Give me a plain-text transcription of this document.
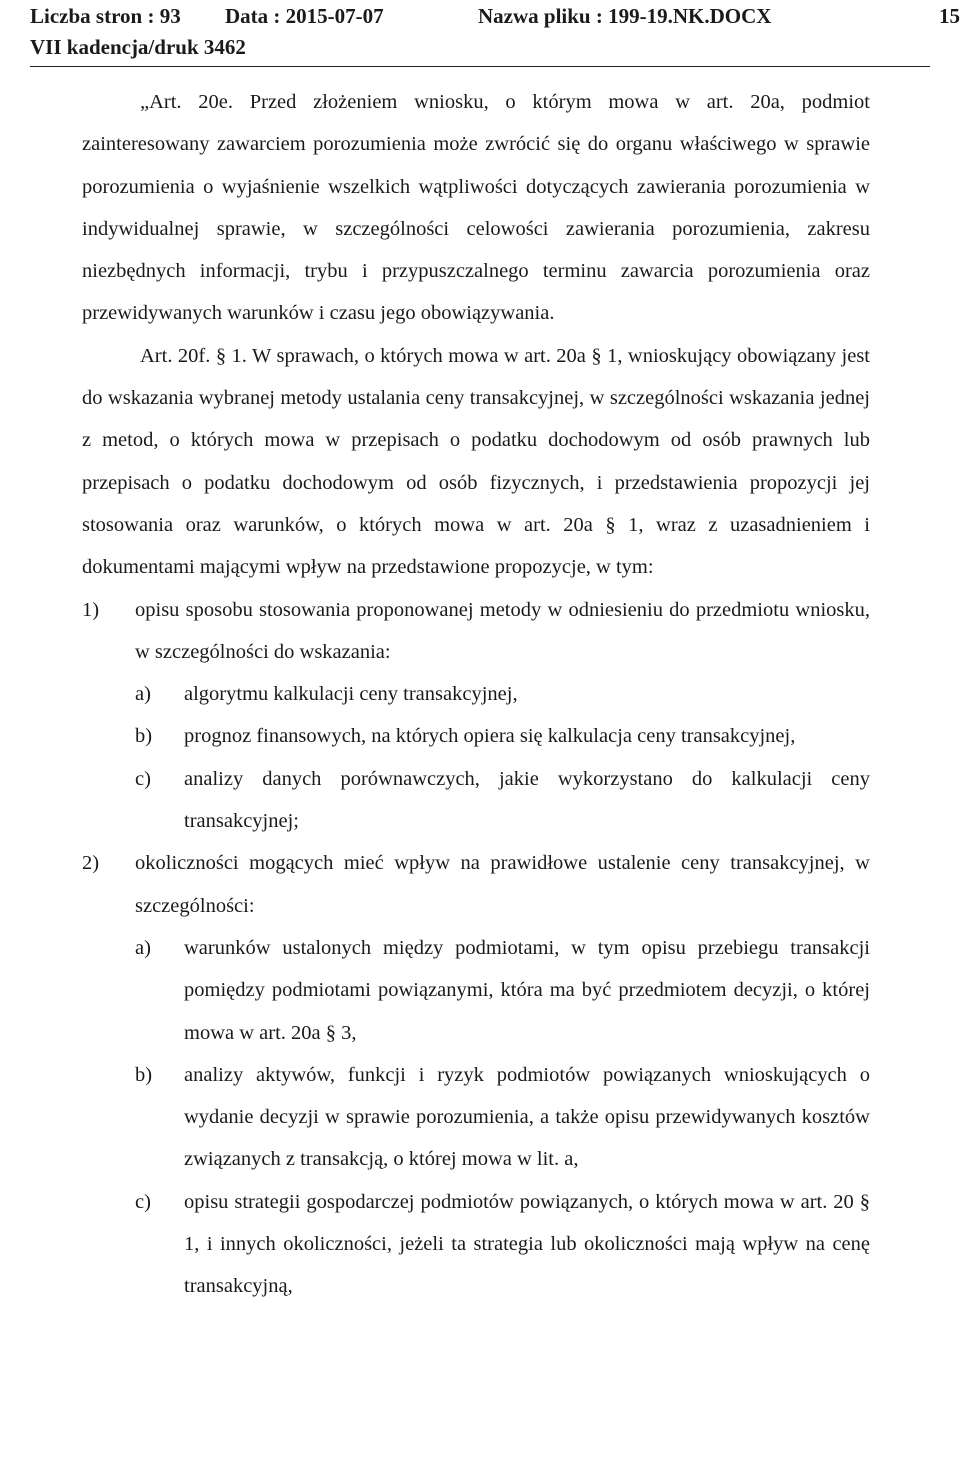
Liczba stron : 93	Data : 2015-07-07	Nazwa pliku : 199-19.NK.DOCX	15
VII kadencja/druk 3462

„Art. 20e. Przed złożeniem wniosku, o którym mowa w art. 20a, podmiot zainteresowany zawarciem porozumienia może zwrócić się do organu właściwego w sprawie porozumienia o wyjaśnienie wszelkich wątpliwości dotyczących zawierania porozumienia w indywidualnej sprawie, w szczególności celowości zawierania porozumienia, zakresu niezbędnych informacji, trybu i przypuszczalnego terminu zawarcia porozumienia oraz przewidywanych warunków i czasu jego obowiązywania.

Art. 20f. § 1. W sprawach, o których mowa w art. 20a § 1, wnioskujący obowiązany jest do wskazania wybranej metody ustalania ceny transakcyjnej, w szczególności wskazania jednej z metod, o których mowa w przepisach o podatku dochodowym od osób prawnych lub przepisach o podatku dochodowym od osób fizycznych, i przedstawienia propozycji jej stosowania oraz warunków, o których mowa w art. 20a § 1, wraz z uzasadnieniem i dokumentami mającymi wpływ na przedstawione propozycje, w tym:

1)	opisu sposobu stosowania proponowanej metody w odniesieniu do przedmiotu wniosku, w szczególności do wskazania:
a)	algorytmu kalkulacji ceny transakcyjnej,
b)	prognoz finansowych, na których opiera się kalkulacja ceny transakcyjnej,
c)	analizy danych porównawczych, jakie wykorzystano do kalkulacji ceny transakcyjnej;
2)	okoliczności mogących mieć wpływ na prawidłowe ustalenie ceny transakcyjnej, w szczególności:
a)	warunków ustalonych między podmiotami, w tym opisu przebiegu transakcji pomiędzy podmiotami powiązanymi, która ma być przedmiotem decyzji, o której mowa w art. 20a § 3,
b)	analizy aktywów, funkcji i ryzyk podmiotów powiązanych wnioskujących o wydanie decyzji w sprawie porozumienia, a także opisu przewidywanych kosztów związanych z transakcją, o której mowa w lit. a,
c)	opisu strategii gospodarczej podmiotów powiązanych, o których mowa w art. 20 § 1, i innych okoliczności, jeżeli ta strategia lub okoliczności mają wpływ na cenę transakcyjną,
